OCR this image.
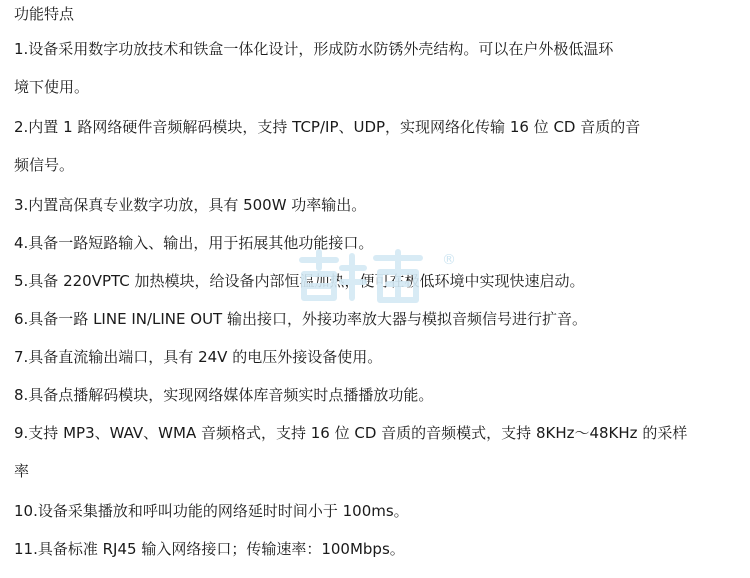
功能特点
1.设备采用数字功放技术和铁盒一体化设计，形成防水防锈外壳结构。可以在户外极低温环
境下使用。
2.内置 1 路网络硬件音频解码模块，支持 TCP/IP、UDP，实现网络化传输 16 位 CD 音质的音
频信号。
3.内置高保真专业数字功放，具有 500W 功率输出。
4.具备一路短路输入、输出，用于拓展其他功能接口。
5.具备 220VPTC 加热模块，给设备内部恒温加热，便可在极低环境中实现快速启动。
6.具备一路 LINE IN/LINE OUT 输出接口，外接功率放大器与模拟音频信号进行扩音。
7.具备直流输出端口，具有 24V 的电压外接设备使用。
8.具备点播解码模块，实现网络媒体库音频实时点播播放功能。
9.支持 MP3、WAV、WMA 音频格式，支持 16 位 CD 音质的音频模式，支持 8KHz～48KHz 的采样
率
10.设备采集播放和呼叫功能的网络延时时间小于 100ms。
11.具备标准 RJ45 输入网络接口；传输速率：100Mbps。
®
